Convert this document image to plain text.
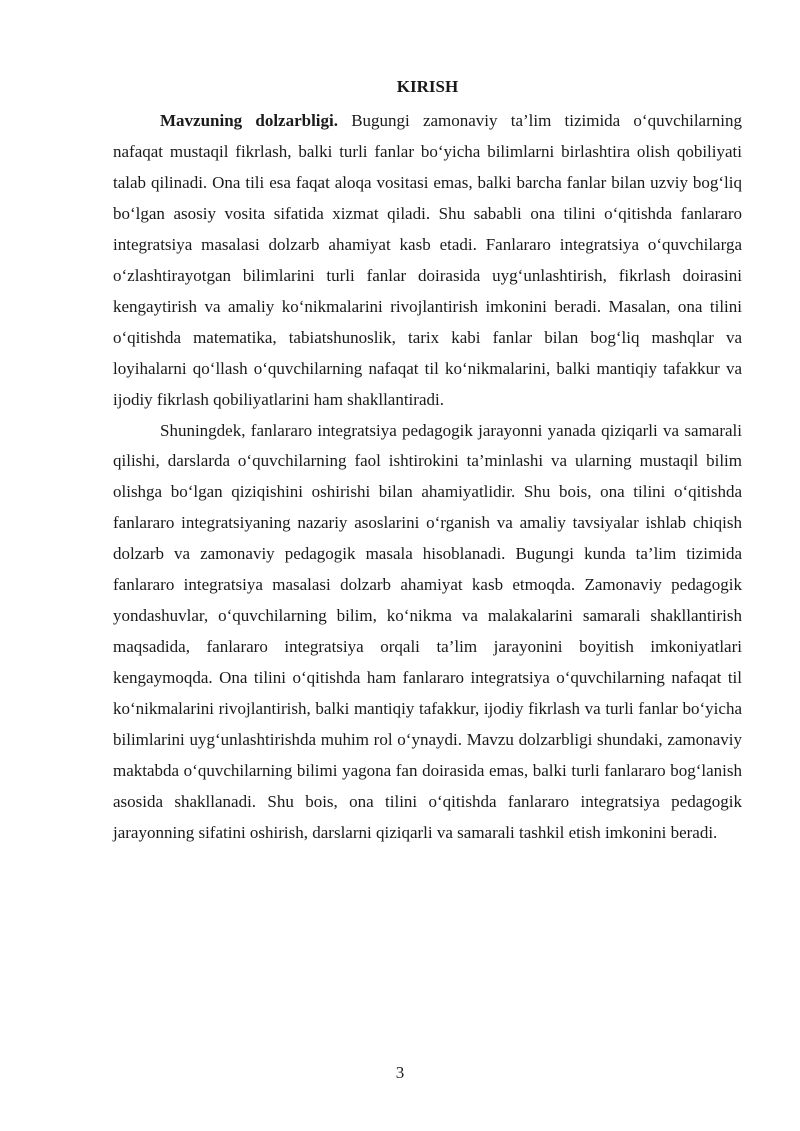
KIRISH

Mavzuning dolzarbligi. Bugungi zamonaviy ta’lim tizimida o‘quvchilarning nafaqat mustaqil fikrlash, balki turli fanlar bo‘yicha bilimlarni birlashtira olish qobiliyati talab qilinadi. Ona tili esa faqat aloqa vositasi emas, balki barcha fanlar bilan uzviy bog‘liq bo‘lgan asosiy vosita sifatida xizmat qiladi. Shu sababli ona tilini o‘qitishda fanlararo integratsiya masalasi dolzarb ahamiyat kasb etadi. Fanlararo integratsiya o‘quvchilarga o‘zlashtirayotgan bilimlarini turli fanlar doirasida uyg‘unlashtirish, fikrlash doirasini kengaytirish va amaliy ko‘nikmalarini rivojlantirish imkonini beradi. Masalan, ona tilini o‘qitishda matematika, tabiatshunoslik, tarix kabi fanlar bilan bog‘liq mashqlar va loyihalarni qo‘llash o‘quvchilarning nafaqat til ko‘nikmalarini, balki mantiqiy tafakkur va ijodiy fikrlash qobiliyatlarini ham shakllantiradi.

Shuningdek, fanlararo integratsiya pedagogik jarayonni yanada qiziqarli va samarali qilishi, darslarda o‘quvchilarning faol ishtirokini ta’minlashi va ularning mustaqil bilim olishga bo‘lgan qiziqishini oshirishi bilan ahamiyatlidir. Shu bois, ona tilini o‘qitishda fanlararo integratsiyaning nazariy asoslarini o‘rganish va amaliy tavsiyalar ishlab chiqish dolzarb va zamonaviy pedagogik masala hisoblanadi. Bugungi kunda ta’lim tizimida fanlararo integratsiya masalasi dolzarb ahamiyat kasb etmoqda. Zamonaviy pedagogik yondashuvlar, o‘quvchilarning bilim, ko‘nikma va malakalarini samarali shakllantirish maqsadida, fanlararo integratsiya orqali ta’lim jarayonini boyitish imkoniyatlari kengaymoqda. Ona tilini o‘qitishda ham fanlararo integratsiya o‘quvchilarning nafaqat til ko‘nikmalarini rivojlantirish, balki mantiqiy tafakkur, ijodiy fikrlash va turli fanlar bo‘yicha bilimlarini uyg‘unlashtirishda muhim rol o‘ynaydi. Mavzu dolzarbligi shundaki, zamonaviy maktabda o‘quvchilarning bilimi yagona fan doirasida emas, balki turli fanlararo bog‘lanish asosida shakllanadi. Shu bois, ona tilini o‘qitishda fanlararo integratsiya pedagogik jarayonning sifatini oshirish, darslarni qiziqarli va samarali tashkil etish imkonini beradi.

3
